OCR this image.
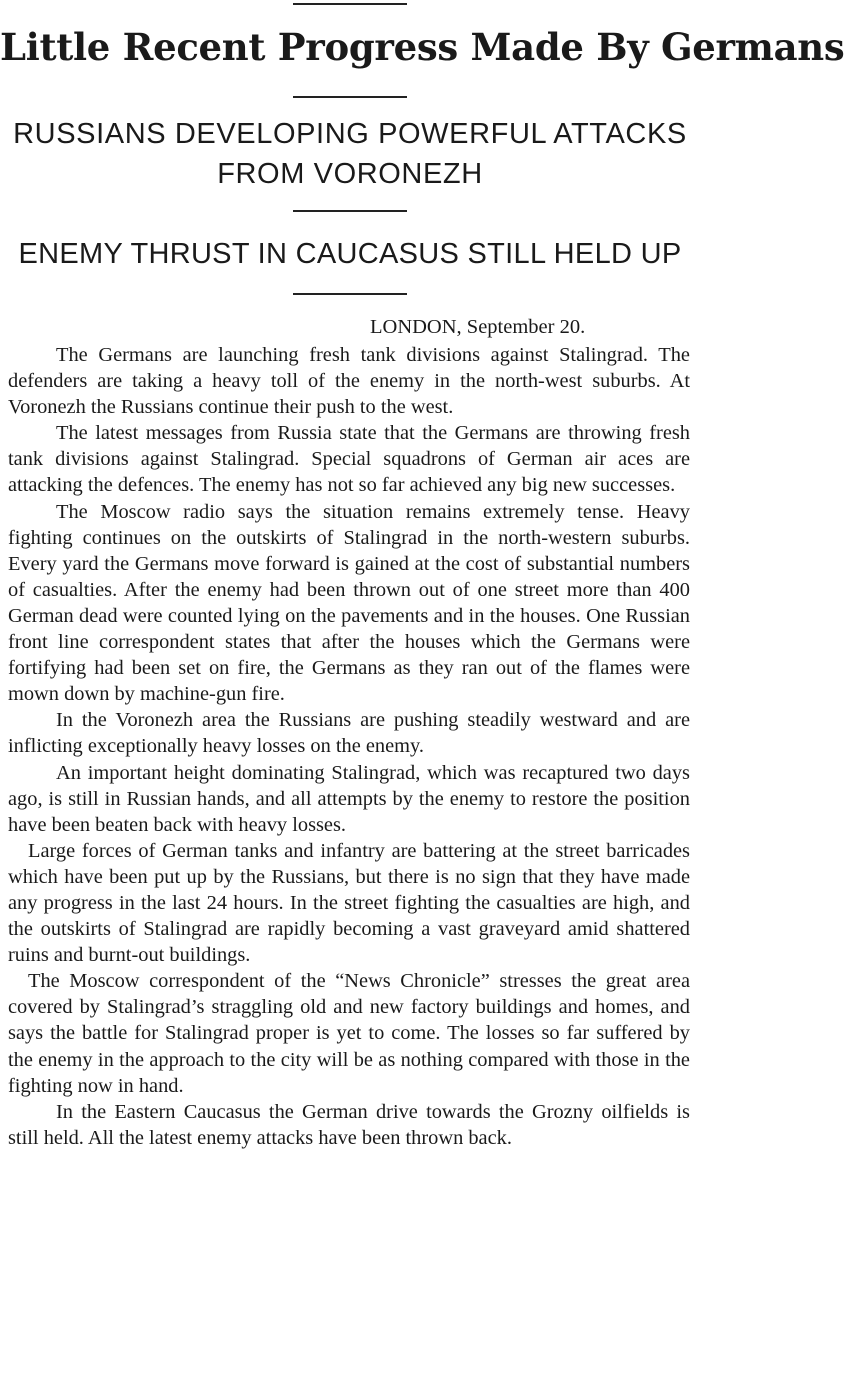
Little Recent Progress Made By Germans
RUSSIANS DEVELOPING POWERFUL ATTACKS
FROM VORONEZH
ENEMY THRUST IN CAUCASUS STILL HELD UP
LONDON, September 20.

The Germans are launching fresh tank divisions against Stalingrad. The defenders are taking a heavy toll of the enemy in the north-west suburbs. At Voronezh the Russians continue their push to the west.

The latest messages from Russia state that the Germans are throwing fresh tank divisions against Stalingrad. Special squadrons of German air aces are attacking the defences. The enemy has not so far achieved any big new successes.

The Moscow radio says the situation remains extremely tense. Heavy fighting continues on the outskirts of Stalingrad in the north-western suburbs. Every yard the Germans move forward is gained at the cost of substantial numbers of casualties. After the enemy had been thrown out of one street more than 400 German dead were counted lying on the pavements and in the houses. One Russian front line correspondent states that after the houses which the Germans were fortifying had been set on fire, the Germans as they ran out of the flames were mown down by machine-gun fire.

In the Voronezh area the Russians are pushing steadily westward and are inflicting exceptionally heavy losses on the enemy.

An important height dominating Stalingrad, which was recaptured two days ago, is still in Russian hands, and all attempts by the enemy to restore the position have been beaten back with heavy losses.

Large forces of German tanks and infantry are battering at the street barricades which have been put up by the Russians, but there is no sign that they have made any progress in the last 24 hours. In the street fighting the casualties are high, and the outskirts of Stalingrad are rapidly becoming a vast graveyard amid shattered ruins and burnt-out buildings.

The Moscow correspondent of the “News Chronicle” stresses the great area covered by Stalingrad’s straggling old and new factory buildings and homes, and says the battle for Stalingrad proper is yet to come. The losses so far suffered by the enemy in the approach to the city will be as nothing compared with those in the fighting now in hand.

In the Eastern Caucasus the German drive towards the Grozny oilfields is still held. All the latest enemy attacks have been thrown back.
